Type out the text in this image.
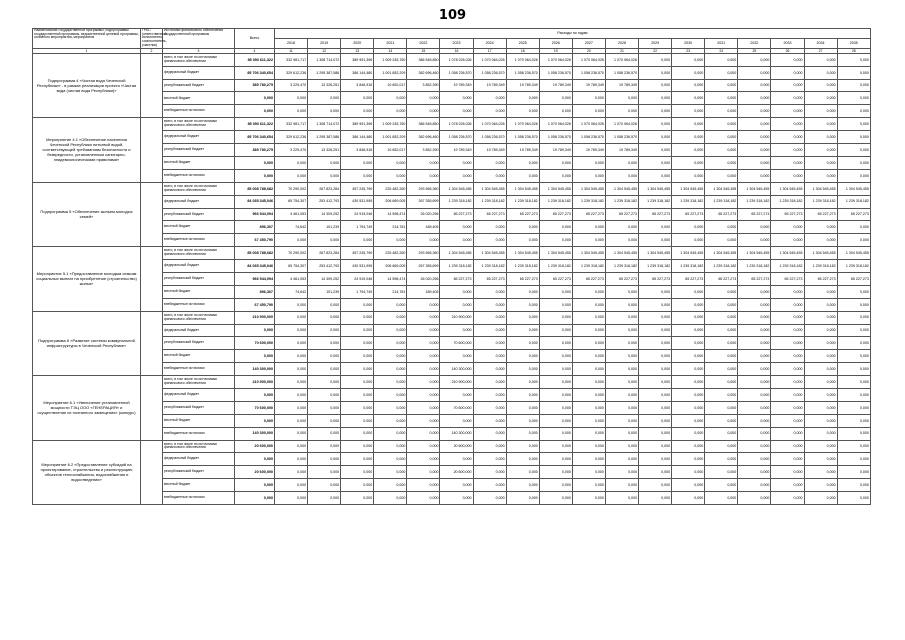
109
Наименование государственной программы, подпрограммы государственной программы, ведомственной целевой программы, основного мероприятия, мероприятия	ГРБС (ответственный исполнитель, соисполнитель, участник)	Источники финансового обеспечения государственной программы	Всего	Расходы по годам																	
				2018	2019	2020	2021	2022	2023	2024	2025	2026	2027	2028	2029	2030	2031	2032	2033	2034	2035
1	2	3	4	11	12	13	14	15	16	17	18	19	20	21	22	23	24	25	26	27	28
Подпрограмма 4 «Чистая вода Чеченской Республики» - в рамках реализации проекта «Чистая вода (чистая вода Республики)»		всего, в том числе по источникам финансового обеспечения	85 093 611,322	332 981,717	1 308 714,072	389 991,396	1 009 245,760	386 548,850	1 078 026,026	1 070 064,026	1 070 064,026	1 070 064,026	1 070 064,026	1 070 064,026	0,000	0,000	0,000	0,000	0,000	0,000	0,000
		федеральный бюджет	85 706 340,654	329 612,236	1 295 387,586	386 144,480	1 001 852,209	382 696,460	1 058 236,570	1 058 236,570	1 058 236,570	1 058 236,570	1 058 236,570	1 058 236,570	0,000	0,000	0,000	0,000	0,000	0,000	0,000
		республиканский бюджет	389 780,275	3 229,470	13 326,251	3 846,916	10 652,017	3 852,390	19 789,349	19 789,349	19 789,349	19 789,349	19 789,349	19 789,349	0,000	0,000	0,000	0,000	0,000	0,000	0,000
		местный бюджет	0,000	0,000	0,000	0,000	0,000	0,000	0,000	0,000	0,000	0,000	0,000	0,000	0,000	0,000	0,000	0,000	0,000	0,000	0,000
		внебюджетные источники	0,000	0,000	0,000	0,000	0,000	0,000	0,000	0,000	0,000	0,000	0,000	0,000	0,000	0,000	0,000	0,000	0,000	0,000	0,000
Мероприятие 4.1 «Обеспечение населения Чеченской Республики питьевой водой, соответствующей требованиям безопасности и безвредности, установленным санитарно-эпидемиологическими правилами»		всего, в том числе по источникам финансового обеспечения	85 093 611,322	332 981,717	1 308 714,072	389 991,396	1 009 245,760	386 548,850	1 078 026,026	1 070 064,026	1 070 064,026	1 070 064,026	1 070 064,026	1 070 064,026	0,000	0,000	0,000	0,000	0,000	0,000	0,000
		федеральный бюджет	85 706 340,654	329 612,236	1 295 387,586	386 144,480	1 001 852,209	382 696,460	1 058 236,570	1 058 236,570	1 058 236,570	1 058 236,570	1 058 236,570	1 058 236,570	0,000	0,000	0,000	0,000	0,000	0,000	0,000
		республиканский бюджет	389 780,275	3 229,470	13 326,251	3 846,916	10 652,017	3 852,390	19 789,349	19 789,349	19 789,349	19 789,349	19 789,349	19 789,349	0,000	0,000	0,000	0,000	0,000	0,000	0,000
		местный бюджет	0,000	0,000	0,000	0,000	0,000	0,000	0,000	0,000	0,000	0,000	0,000	0,000	0,000	0,000	0,000	0,000	0,000	0,000	0,000
		внебюджетные источники	0,000	0,000	0,000	0,000	0,000	0,000	0,000	0,000	0,000	0,000	0,000	0,000	0,000	0,000	0,000	0,000	0,000	0,000	0,000
Подпрограмма 5 «Обеспечение жильем молодых семей»		всего, в том числе по источникам финансового обеспечения	85 008 788,682	70 290,002	267 823,284	457 245,790	225 482,260	293 565,360	1 304 545,455	1 304 545,455	1 304 545,455	1 304 545,455	1 304 545,455	1 304 545,455	1 304 545,455	1 304 545,455	1 304 545,455	1 304 545,455	1 304 545,455	1 304 545,455	1 304 545,455
		федеральный бюджет	84 035 345,046	65 754,307	253 412,793	430 531,995	206 669,005	267 355,699	1 239 318,182	1 239 318,182	1 239 318,182	1 239 318,182	1 239 318,182	1 239 318,182	1 239 318,182	1 239 318,182	1 239 318,182	1 239 318,182	1 239 318,182	1 239 318,182	1 239 318,182
		республиканский бюджет	966 944,094	4 461,053	14 309,252	24 919,046	14 598,474	26 020,256	65 227,273	65 227,273	65 227,273	65 227,273	65 227,273	65 227,273	65 227,273	65 227,273	65 227,273	65 227,273	65 227,273	65 227,273	65 227,273
		местный бюджет	896,307	74,642	101,239	1 794,749	214,781	189,405	0,000	0,000	0,000	0,000	0,000	0,000	0,000	0,000	0,000	0,000	0,000	0,000	0,000
		внебюджетные источники	67 450,790	0,000	0,000	0,000	0,000	0,000	0,000	0,000	0,000	0,000	0,000	0,000	0,000	0,000	0,000	0,000	0,000	0,000	0,000
Мероприятие 5.1 «Предоставление молодым семьям социальных выплат на приобретение (строительство) жилья»		всего, в том числе по источникам финансового обеспечения	85 008 788,682	70 290,002	267 823,284	457 245,790	225 482,260	293 565,360	1 304 545,455	1 304 545,455	1 304 545,455	1 304 545,455	1 304 545,455	1 304 545,455	1 304 545,455	1 304 545,455	1 304 545,455	1 304 545,455	1 304 545,455	1 304 545,455	1 304 545,455
		федеральный бюджет	84 035 345,046	65 754,307	253 412,793	430 531,995	206 669,005	267 355,699	1 239 318,182	1 239 318,182	1 239 318,182	1 239 318,182	1 239 318,182	1 239 318,182	1 239 318,182	1 239 318,182	1 239 318,182	1 239 318,182	1 239 318,182	1 239 318,182	1 239 318,182
		республиканский бюджет	966 944,094	4 461,053	14 309,252	24 919,046	14 598,474	26 020,256	65 227,273	65 227,273	65 227,273	65 227,273	65 227,273	65 227,273	65 227,273	65 227,273	65 227,273	65 227,273	65 227,273	65 227,273	65 227,273
		местный бюджет	896,307	74,642	101,239	1 794,749	214,781	189,405	0,000	0,000	0,000	0,000	0,000	0,000	0,000	0,000	0,000	0,000	0,000	0,000	0,000
		внебюджетные источники	67 450,790	0,000	0,000	0,000	0,000	0,000	0,000	0,000	0,000	0,000	0,000	0,000	0,000	0,000	0,000	0,000	0,000	0,000	0,000
Подпрограмма 6 «Развитие системы коммунальной инфраструктуры в Чеченской Республике»		всего, в том числе по источникам финансового обеспечения	210 900,000	0,000	0,000	0,000	0,000	0,000	210 900,000	0,000	0,000	0,000	0,000	0,000	0,000	0,000	0,000	0,000	0,000	0,000	0,000
		федеральный бюджет	0,000	0,000	0,000	0,000	0,000	0,000	0,000	0,000	0,000	0,000	0,000	0,000	0,000	0,000	0,000	0,000	0,000	0,000	0,000
		республиканский бюджет	70 600,000	0,000	0,000	0,000	0,000	0,000	70 600,000	0,000	0,000	0,000	0,000	0,000	0,000	0,000	0,000	0,000	0,000	0,000	0,000
		местный бюджет	0,000	0,000	0,000	0,000	0,000	0,000	0,000	0,000	0,000	0,000	0,000	0,000	0,000	0,000	0,000	0,000	0,000	0,000	0,000
		внебюджетные источники	140 300,000	0,000	0,000	0,000	0,000	0,000	140 300,000	0,000	0,000	0,000	0,000	0,000	0,000	0,000	0,000	0,000	0,000	0,000	0,000
Мероприятие 6.1 «Увеличение установленной мощности ТЭЦ ООО «ГЕНЕРАЦИЯ» и осуществление их поэтапного замещения» (конкурс)		всего, в том числе по источникам финансового обеспечения	210 900,000	0,000	0,000	0,000	0,000	0,000	210 900,000	0,000	0,000	0,000	0,000	0,000	0,000	0,000	0,000	0,000	0,000	0,000	0,000
		федеральный бюджет	0,000	0,000	0,000	0,000	0,000	0,000	0,000	0,000	0,000	0,000	0,000	0,000	0,000	0,000	0,000	0,000	0,000	0,000	0,000
		республиканский бюджет	70 600,000	0,000	0,000	0,000	0,000	0,000	70 600,000	0,000	0,000	0,000	0,000	0,000	0,000	0,000	0,000	0,000	0,000	0,000	0,000
		местный бюджет	0,000	0,000	0,000	0,000	0,000	0,000	0,000	0,000	0,000	0,000	0,000	0,000	0,000	0,000	0,000	0,000	0,000	0,000	0,000
		внебюджетные источники	140 300,000	0,000	0,000	0,000	0,000	0,000	140 300,000	0,000	0,000	0,000	0,000	0,000	0,000	0,000	0,000	0,000	0,000	0,000	0,000
Мероприятие 6.2 «Предоставление субсидий на проектирование, строительство и реконструкцию объектов теплоснабжения, водоснабжения и водоотведения»		всего, в том числе по источникам финансового обеспечения	20 600,000	0,000	0,000	0,000	0,000	0,000	20 600,000	0,000	0,000	0,000	0,000	0,000	0,000	0,000	0,000	0,000	0,000	0,000	0,000
		федеральный бюджет	0,000	0,000	0,000	0,000	0,000	0,000	0,000	0,000	0,000	0,000	0,000	0,000	0,000	0,000	0,000	0,000	0,000	0,000	0,000
		республиканский бюджет	20 600,000	0,000	0,000	0,000	0,000	0,000	20 600,000	0,000	0,000	0,000	0,000	0,000	0,000	0,000	0,000	0,000	0,000	0,000	0,000
		местный бюджет	0,000	0,000	0,000	0,000	0,000	0,000	0,000	0,000	0,000	0,000	0,000	0,000	0,000	0,000	0,000	0,000	0,000	0,000	0,000
		внебюджетные источники	0,000	0,000	0,000	0,000	0,000	0,000	0,000	0,000	0,000	0,000	0,000	0,000	0,000	0,000	0,000	0,000	0,000	0,000	0,000
